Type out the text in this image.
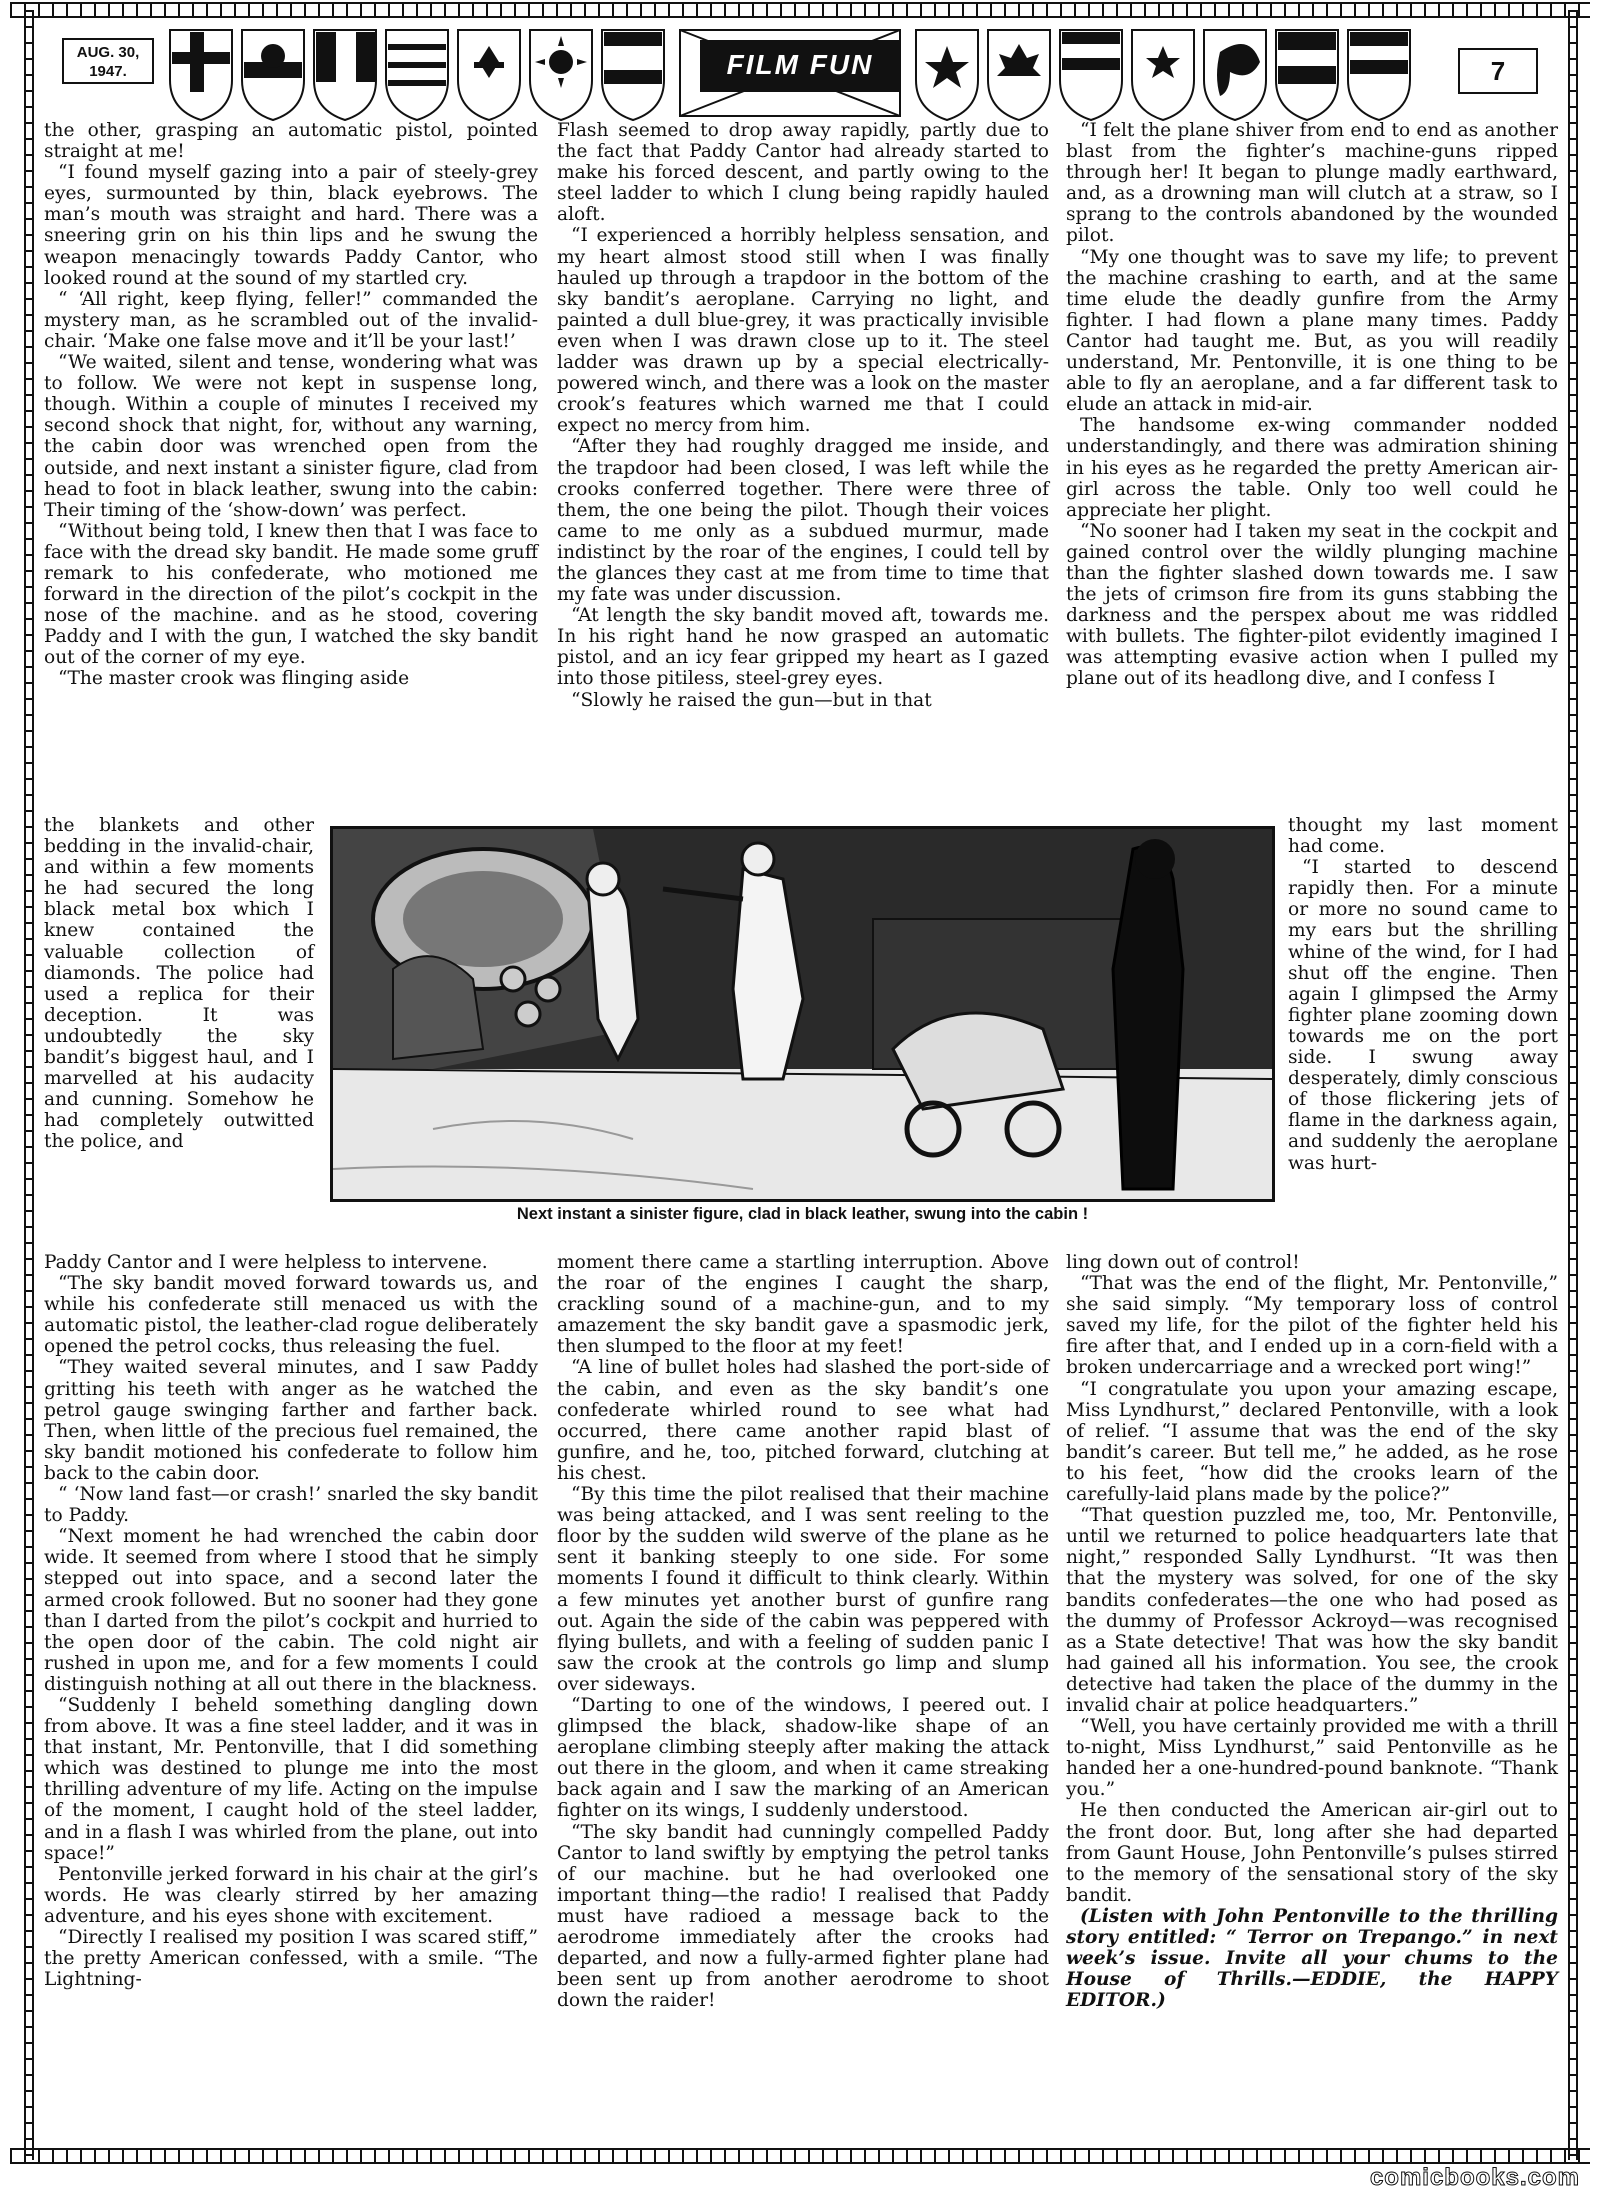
AUG. 30,
1947.	FILM FUN	7

the other, grasping an automatic pistol, pointed straight at me!

“I found myself gazing into a pair of steely-grey eyes, surmounted by thin, black eyebrows. The man’s mouth was straight and hard. There was a sneering grin on his thin lips and he swung the weapon menacingly towards Paddy Cantor, who looked round at the sound of my startled cry.

“ ‘All right, keep flying, feller!” commanded the mystery man, as he scrambled out of the invalid-chair. ‘Make one false move and it’ll be your last!’

“We waited, silent and tense, wondering what was to follow. We were not kept in suspense long, though. Within a couple of minutes I received my second shock that night, for, without any warning, the cabin door was wrenched open from the outside, and next instant a sinister figure, clad from head to foot in black leather, swung into the cabin: Their timing of the ‘show-down’ was perfect.

“Without being told, I knew then that I was face to face with the dread sky bandit. He made some gruff remark to his confederate, who motioned me forward in the direction of the pilot’s cockpit in the nose of the machine. and as he stood, covering Paddy and I with the gun, I watched the sky bandit out of the corner of my eye.

“The master crook was flinging aside

the blankets and other bedding in the invalid-chair, and within a few moments he had secured the long black metal box which I knew contained the valuable collection of diamonds. The police had used a replica for their deception. It was undoubtedly the sky bandit’s biggest haul, and I marvelled at his audacity and cunning. Somehow he had completely outwitted the police, and

Paddy Cantor and I were helpless to intervene.

“The sky bandit moved forward towards us, and while his confederate still menaced us with the automatic pistol, the leather-clad rogue deliberately opened the petrol cocks, thus releasing the fuel.

“They waited several minutes, and I saw Paddy gritting his teeth with anger as he watched the petrol gauge swinging farther and farther back. Then, when little of the precious fuel remained, the sky bandit motioned his confederate to follow him back to the cabin door.

“ ‘Now land fast—or crash!’ snarled the sky bandit to Paddy.

“Next moment he had wrenched the cabin door wide. It seemed from where I stood that he simply stepped out into space, and a second later the armed crook followed. But no sooner had they gone than I darted from the pilot’s cockpit and hurried to the open door of the cabin. The cold night air rushed in upon me, and for a few moments I could distinguish nothing at all out there in the blackness.

“Suddenly I beheld something dangling down from above. It was a fine steel ladder, and it was in that instant, Mr. Pentonville, that I did something which was destined to plunge me into the most thrilling adventure of my life. Acting on the impulse of the moment, I caught hold of the steel ladder, and in a flash I was whirled from the plane, out into space!”

Pentonville jerked forward in his chair at the girl’s words. He was clearly stirred by her amazing adventure, and his eyes shone with excitement.

“Directly I realised my position I was scared stiff,” the pretty American confessed, with a smile. “The Lightning-

Flash seemed to drop away rapidly, partly due to the fact that Paddy Cantor had already started to make his forced descent, and partly owing to the steel ladder to which I clung being rapidly hauled aloft.

“I experienced a horribly helpless sensation, and my heart almost stood still when I was finally hauled up through a trapdoor in the bottom of the sky bandit’s aeroplane. Carrying no light, and painted a dull blue-grey, it was practically invisible even when I was drawn close up to it. The steel ladder was drawn up by a special electrically-powered winch, and there was a look on the master crook’s features which warned me that I could expect no mercy from him.

“After they had roughly dragged me inside, and the trapdoor had been closed, I was left while the crooks conferred together. There were three of them, the one being the pilot. Though their voices came to me only as a subdued murmur, made indistinct by the roar of the engines, I could tell by the glances they cast at me from time to time that my fate was under discussion.

“At length the sky bandit moved aft, towards me. In his right hand he now grasped an automatic pistol, and an icy fear gripped my heart as I gazed into those pitiless, steel-grey eyes.

“Slowly he raised the gun—but in that

moment there came a startling interruption. Above the roar of the engines I caught the sharp, crackling sound of a machine-gun, and to my amazement the sky bandit gave a spasmodic jerk, then slumped to the floor at my feet!

“A line of bullet holes had slashed the port-side of the cabin, and even as the sky bandit’s one confederate whirled round to see what had occurred, there came another rapid blast of gunfire, and he, too, pitched forward, clutching at his chest.

“By this time the pilot realised that their machine was being attacked, and I was sent reeling to the floor by the sudden wild swerve of the plane as he sent it banking steeply to one side. For some moments I found it difficult to think clearly. Within a few minutes yet another burst of gunfire rang out. Again the side of the cabin was peppered with flying bullets, and with a feeling of sudden panic I saw the crook at the controls go limp and slump over sideways.

“Darting to one of the windows, I peered out. I glimpsed the black, shadow-like shape of an aeroplane climbing steeply after making the attack out there in the gloom, and when it came streaking back again and I saw the marking of an American fighter on its wings, I suddenly understood.

“The sky bandit had cunningly compelled Paddy Cantor to land swiftly by emptying the petrol tanks of our machine. but he had overlooked one important thing—the radio! I realised that Paddy must have radioed a message back to the aerodrome immediately after the crooks had departed, and now a fully-armed fighter plane had been sent up from another aerodrome to shoot down the raider!

“I felt the plane shiver from end to end as another blast from the fighter’s machine-guns ripped through her! It began to plunge madly earthward, and, as a drowning man will clutch at a straw, so I sprang to the controls abandoned by the wounded pilot.

“My one thought was to save my life; to prevent the machine crashing to earth, and at the same time elude the deadly gunfire from the Army fighter. I had flown a plane many times. Paddy Cantor had taught me. But, as you will readily understand, Mr. Pentonville, it is one thing to be able to fly an aeroplane, and a far different task to elude an attack in mid-air.

The handsome ex-wing commander nodded understandingly, and there was admiration shining in his eyes as he regarded the pretty American air-girl across the table. Only too well could he appreciate her plight.

“No sooner had I taken my seat in the cockpit and gained control over the wildly plunging machine than the fighter slashed down towards me. I saw the jets of crimson fire from its guns stabbing the darkness and the perspex about me was riddled with bullets. The fighter-pilot evidently imagined I was attempting evasive action when I pulled my plane out of its headlong dive, and I confess I

thought my last moment had come.

“I started to descend rapidly then. For a minute or more no sound came to my ears but the shrilling whine of the wind, for I had shut off the engine. Then again I glimpsed the Army fighter plane zooming down towards me on the port side. I swung away desperately, dimly conscious of those flickering jets of flame in the darkness again, and suddenly the aeroplane was hurt-

ling down out of control!

“That was the end of the flight, Mr. Pentonville,” she said simply. “My temporary loss of control saved my life, for the pilot of the fighter held his fire after that, and I ended up in a corn-field with a broken undercarriage and a wrecked port wing!”

“I congratulate you upon your amazing escape, Miss Lyndhurst,” declared Pentonville, with a look of relief. “I assume that was the end of the sky bandit’s career. But tell me,” he added, as he rose to his feet, “how did the crooks learn of the carefully-laid plans made by the police?”

“That question puzzled me, too, Mr. Pentonville, until we returned to police headquarters late that night,” responded Sally Lyndhurst. “It was then that the mystery was solved, for one of the sky bandits confederates—the one who had posed as the dummy of Professor Ackroyd—was recognised as a State detective! That was how the sky bandit had gained all his information. You see, the crook detective had taken the place of the dummy in the invalid chair at police headquarters.”

“Well, you have certainly provided me with a thrill to-night, Miss Lyndhurst,” said Pentonville as he handed her a one-hundred-pound banknote. “Thank you.”

He then conducted the American air-girl out to the front door. But, long after she had departed from Gaunt House, John Pentonville’s pulses stirred to the memory of the sensational story of the sky bandit.

(Listen with John Pentonville to the thrilling story entitled: “ Terror on Trepango.” in next week’s issue. Invite all your chums to the House of Thrills.—EDDIE, the HAPPY EDITOR.)

Next instant a sinister figure, clad in black leather, swung into the cabin !
comicbooks.com
